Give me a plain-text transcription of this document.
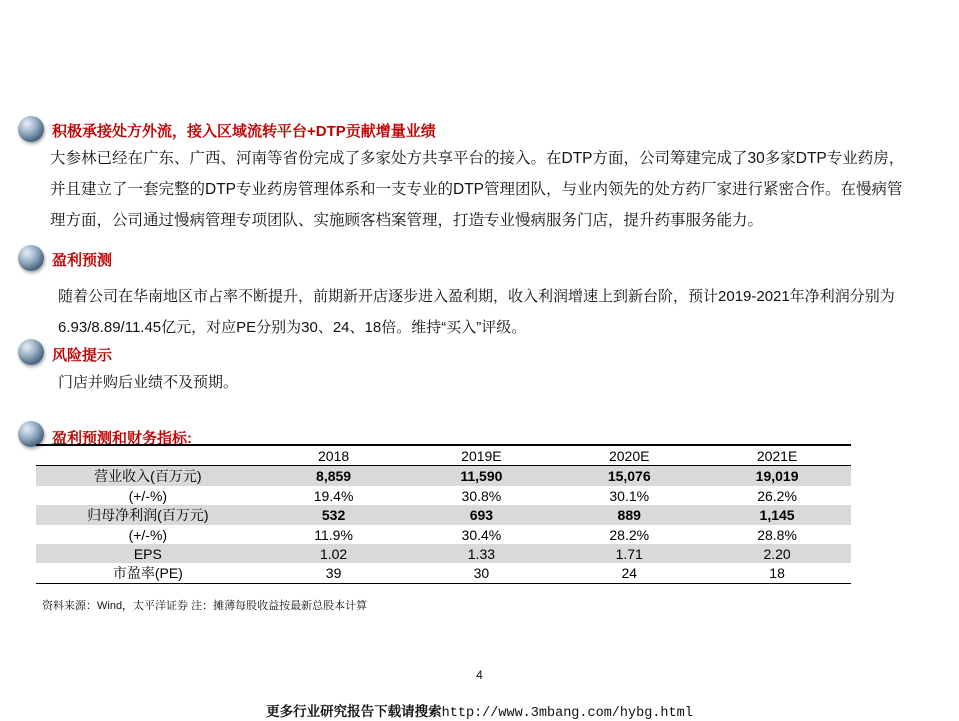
积极承接处方外流，接入区域流转平台+DTP贡献增量业绩
大参林已经在广东、广西、河南等省份完成了多家处方共享平台的接入。在DTP方面，公司筹建完成了30多家DTP专业药房，并且建立了一套完整的DTP专业药房管理体系和一支专业的DTP管理团队，与业内领先的处方药厂家进行紧密合作。在慢病管理方面，公司通过慢病管理专项团队、实施顾客档案管理，打造专业慢病服务门店，提升药事服务能力。
盈利预测
随着公司在华南地区市占率不断提升，前期新开店逐步进入盈利期，收入利润增速上到新台阶，预计2019-2021年净利润分别为6.93/8.89/11.45亿元，对应PE分别为30、24、18倍。维持“买入”评级。
风险提示
门店并购后业绩不及预期。
盈利预测和财务指标:
	2018	2019E	2020E	2021E
营业收入(百万元)	8,859	11,590	15,076	19,019
(+/-%)	19.4%	30.8%	30.1%	26.2%
归母净利润(百万元)	532	693	889	1,145
(+/-%)	11.9%	30.4%	28.2%	28.8%
EPS	1.02	1.33	1.71	2.20
市盈率(PE)	39	30	24	18
资料来源：Wind，太平洋证券 注：摊薄每股收益按最新总股本计算
4
更多行业研究报告下载请搜索http://www.3mbang.com/hybg.html
